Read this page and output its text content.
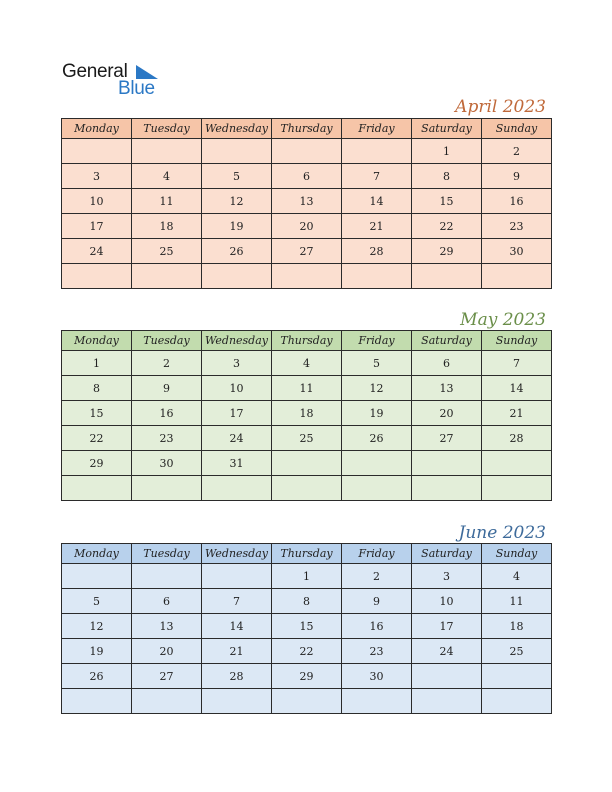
General
Blue
April 2023
Monday	Tuesday	Wednesday	Thursday	Friday	Saturday	Sunday
					1	2
3	4	5	6	7	8	9
10	11	12	13	14	15	16
17	18	19	20	21	22	23
24	25	26	27	28	29	30

May 2023
Monday	Tuesday	Wednesday	Thursday	Friday	Saturday	Sunday
1	2	3	4	5	6	7
8	9	10	11	12	13	14
15	16	17	18	19	20	21
22	23	24	25	26	27	28
29	30	31				

June 2023
Monday	Tuesday	Wednesday	Thursday	Friday	Saturday	Sunday
			1	2	3	4
5	6	7	8	9	10	11
12	13	14	15	16	17	18
19	20	21	22	23	24	25
26	27	28	29	30		
